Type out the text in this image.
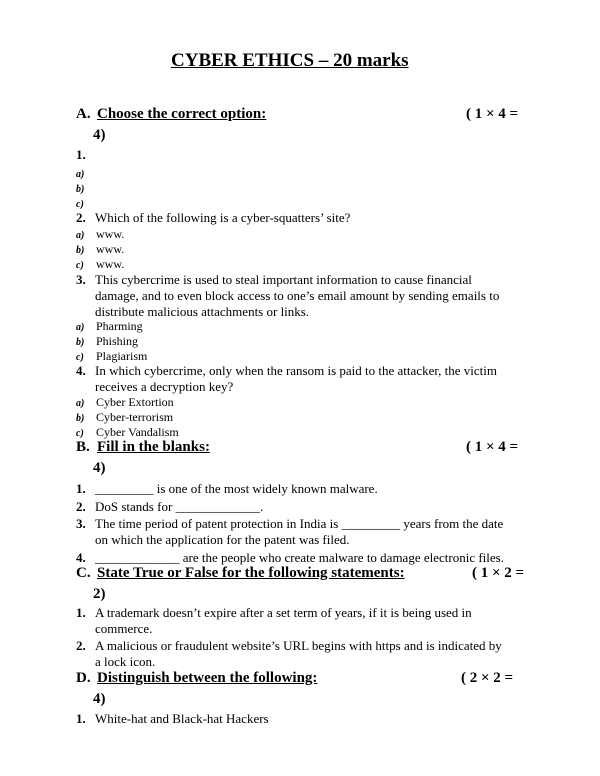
CYBER ETHICS – 20 marks
A. Choose the correct option:	( 1 × 4 =
4)
1.
a)
b)
c)
2. Which of the following is a cyber-squatters’ site?
a) www.
b) www.
c) www.
3. This cybercrime is used to steal important information to cause financial
damage, and to even block access to one’s email amount by sending emails to
distribute malicious attachments or links.
a) Pharming
b) Phishing
c) Plagiarism
4. In which cybercrime, only when the ransom is paid to the attacker, the victim
receives a decryption key?
a) Cyber Extortion
b) Cyber-terrorism
c) Cyber Vandalism
B. Fill in the blanks:	( 1 × 4 =
4)
1. _________ is one of the most widely known malware.
2. DoS stands for _____________.
3. The time period of patent protection in India is _________ years from the date
on which the application for the patent was filed.
4. _____________ are the people who create malware to damage electronic files.
C. State True or False for the following statements:	( 1 × 2 =
2)
1. A trademark doesn’t expire after a set term of years, if it is being used in
commerce.
2. A malicious or fraudulent website’s URL begins with https and is indicated by
a lock icon.
D. Distinguish between the following:	( 2 × 2 =
4)
1. White-hat and Black-hat Hackers
